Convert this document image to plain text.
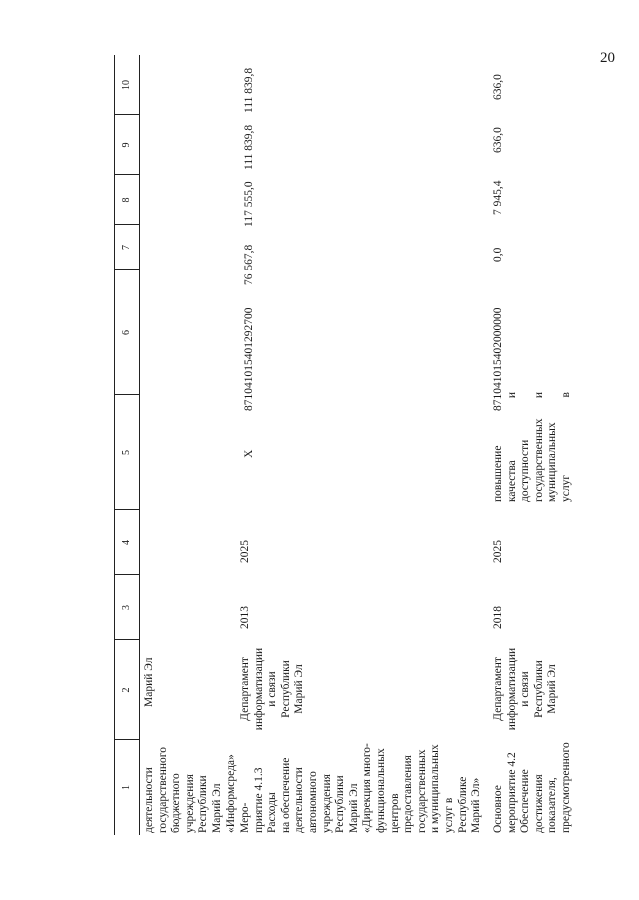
20
1
2
3
4
5
6
7
8
9
10
деятельности
государственного
бюджетного
учреждения
Республики
Марий Эл
«Информсреда»
Марий Эл
Меро-
приятие 4.1.3
Расходы
на обеспечение
деятельности
автономного
учреждения
Республики
Марий Эл
«Дирекция много-
функциональных
центров
предоставления
государственных
и муниципальных
услуг в
Республике
Марий Эл»
Департамент
информатизации
и связи
Республики
Марий Эл
2013
2025
X
871041015401292700
76 567,8
117 555,0
111 839,8
111 839,8
Основное
мероприятие 4.2
Обеспечение
достижения
показателя,
предусмотренного
Департамент
информатизации
и связи
Республики
Марий Эл
2018
2025
повышение
качества и
доступности
государственных и
муниципальных
услуг в
871041015402000000
0,0
7 945,4
636,0
636,0
